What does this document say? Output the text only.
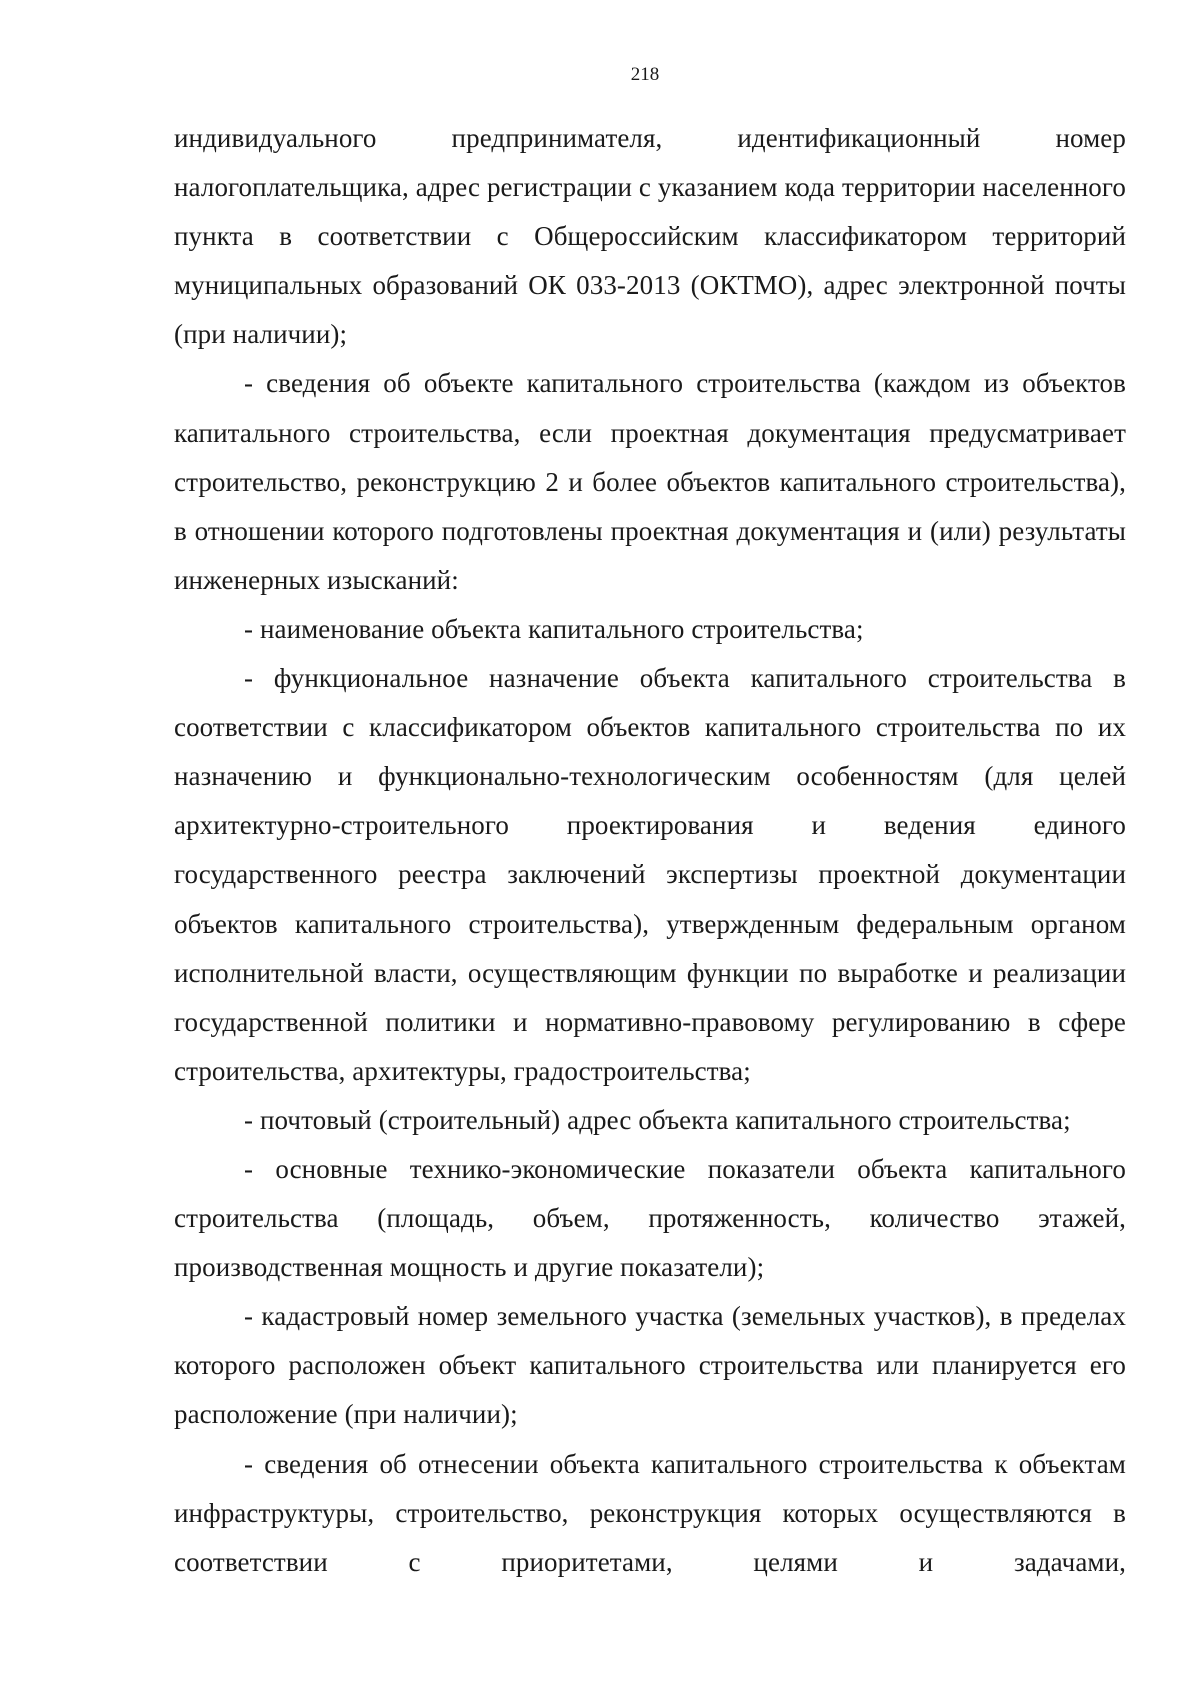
218

индивидуального предпринимателя, идентификационный номер налогоплательщика, адрес регистрации с указанием кода территории населенного пункта в соответствии с Общероссийским классификатором территорий муниципальных образований ОК 033-2013 (ОКТМО), адрес электронной почты (при наличии);

- сведения об объекте капитального строительства (каждом из объектов капитального строительства, если проектная документация предусматривает строительство, реконструкцию 2 и более объектов капитального строительства), в отношении которого подготовлены проектная документация и (или) результаты инженерных изысканий:

- наименование объекта капитального строительства;

- функциональное назначение объекта капитального строительства в соответствии с классификатором объектов капитального строительства по их назначению и функционально-технологическим особенностям (для целей архитектурно-строительного проектирования и ведения единого государственного реестра заключений экспертизы проектной документации объектов капитального строительства), утвержденным федеральным органом исполнительной власти, осуществляющим функции по выработке и реализации государственной политики и нормативно-правовому регулированию в сфере строительства, архитектуры, градостроительства;

- почтовый (строительный) адрес объекта капитального строительства;

- основные технико-экономические показатели объекта капитального строительства (площадь, объем, протяженность, количество этажей, производственная мощность и другие показатели);

- кадастровый номер земельного участка (земельных участков), в пределах которого расположен объект капитального строительства или планируется его расположение (при наличии);

- сведения об отнесении объекта капитального строительства к объектам инфраструктуры, строительство, реконструкция которых осуществляются в соответствии с приоритетами, целями и задачами,
